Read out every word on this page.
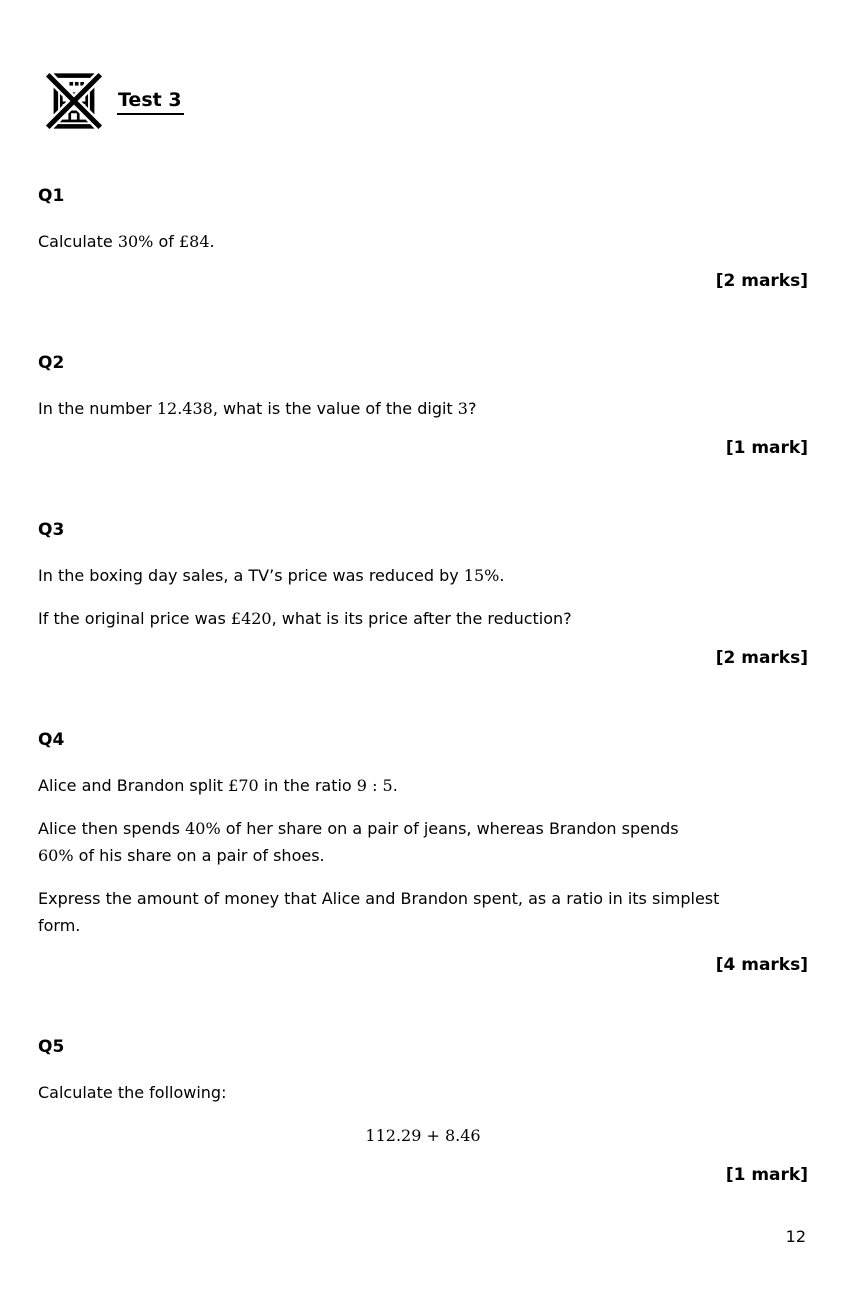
Test 3
Q1

Calculate 30% of £84.

[2 marks]
Q2

In the number 12.438, what is the value of the digit 3?

[1 mark]
Q3

In the boxing day sales, a TV’s price was reduced by 15%.

If the original price was £420, what is its price after the reduction?

[2 marks]
Q4

Alice and Brandon split £70 in the ratio 9 : 5.

Alice then spends 40% of her share on a pair of jeans, whereas Brandon spends
60% of his share on a pair of shoes.

Express the amount of money that Alice and Brandon spent, as a ratio in its simplest
form.

[4 marks]
Q5

Calculate the following:

112.29 + 8.46

[1 mark]
12
